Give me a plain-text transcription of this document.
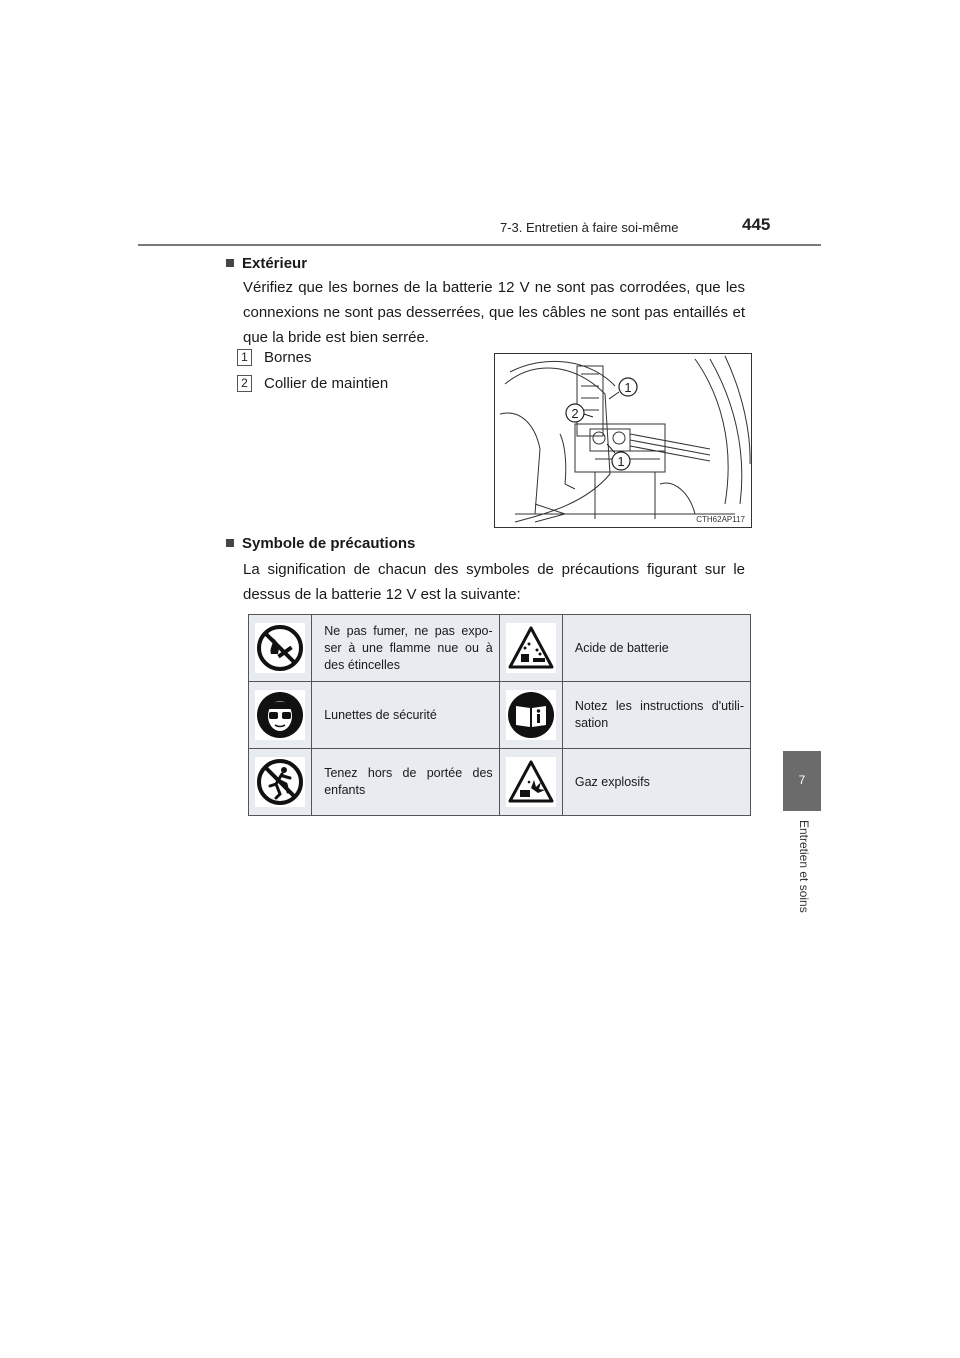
7-3. Entretien à faire soi-même	445
7
Entretien et soins
Extérieur
Vérifiez que les bornes de la batterie 12 V ne sont pas corrodées, que les connexions ne sont pas desserrées, que les câbles ne sont pas entaillés et que la bride est bien serrée.
1 Bornes
2 Collier de maintien	1
2
1
CTH62AP117
Symbole de précautions
La signification de chacun des symboles de précautions figurant sur le dessus de la batterie 12 V est la suivante:
	Ne pas fumer, ne pas expo-ser à une flamme nue ou à des étincelles		Acide de batterie

	Lunettes de sécurité		Notez les instructions d'utili-sation

	Tenez hors de portée des enfants		Gaz explosifs
